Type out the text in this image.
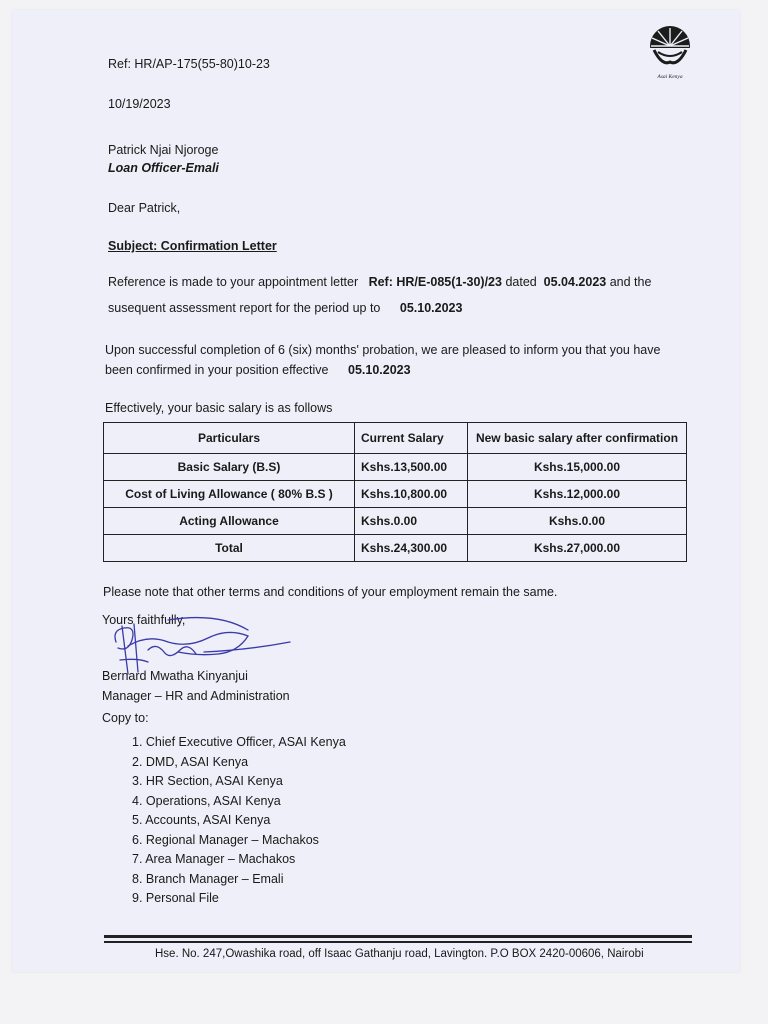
Asai Kenya
Ref: HR/AP-175(55-80)10-23
10/19/2023
Patrick Njai Njoroge
Loan Officer-Emali
Dear Patrick,
Subject: Confirmation Letter
Reference is made to your appointment letter Ref: HR/E-085(1-30)/23 dated 05.04.2023 and the
susequent assessment report for the period up to 05.10.2023
Upon successful completion of 6 (six) months' probation, we are pleased to inform you that you have
been confirmed in your position effective 05.10.2023
Effectively, your basic salary is as follows
Particulars	Current Salary	New basic salary after confirmation
Basic Salary (B.S)	Kshs.13,500.00	Kshs.15,000.00
Cost of Living Allowance ( 80% B.S )	Kshs.10,800.00	Kshs.12,000.00
Acting Allowance	Kshs.0.00	Kshs.0.00
Total	Kshs.24,300.00	Kshs.27,000.00
Please note that other terms and conditions of your employment remain the same.
Yours faithfully,
Bernard Mwatha Kinyanjui
Manager – HR and Administration
Copy to:
1. Chief Executive Officer, ASAI Kenya
2. DMD, ASAI Kenya
3. HR Section, ASAI Kenya
4. Operations, ASAI Kenya
5. Accounts, ASAI Kenya
6. Regional Manager – Machakos
7. Area Manager – Machakos
8. Branch Manager – Emali
9. Personal File
Hse. No. 247,Owashika road, off Isaac Gathanju road, Lavington. P.O BOX 2420-00606, Nairobi
